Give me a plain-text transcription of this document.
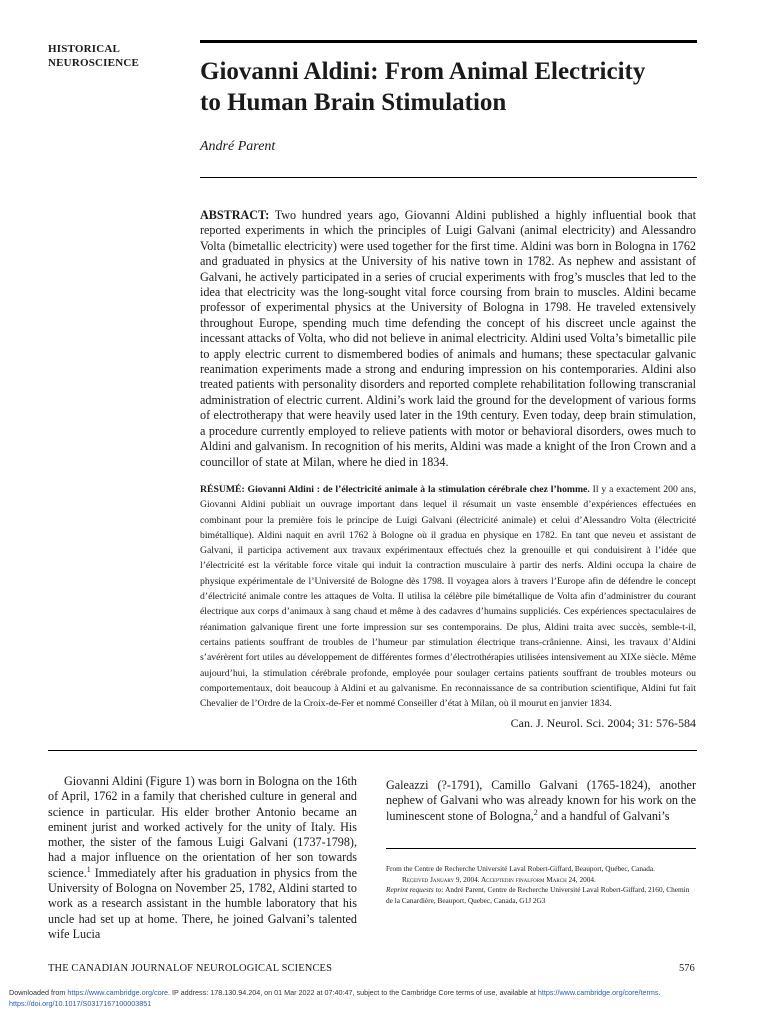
HISTORICAL
NEUROSCIENCE	Giovanni Aldini: From Animal Electricity
to Human Brain Stimulation
André Parent

ABSTRACT: Two hundred years ago, Giovanni Aldini published a highly influential book that reported experiments in which the principles of Luigi Galvani (animal electricity) and Alessandro Volta (bimetallic electricity) were used together for the first time. Aldini was born in Bologna in 1762 and graduated in physics at the University of his native town in 1782. As nephew and assistant of Galvani, he actively participated in a series of crucial experiments with frog’s muscles that led to the idea that electricity was the long-sought vital force coursing from brain to muscles. Aldini became professor of experimental physics at the University of Bologna in 1798. He traveled extensively throughout Europe, spending much time defending the concept of his discreet uncle against the incessant attacks of Volta, who did not believe in animal electricity. Aldini used Volta’s bimetallic pile to apply electric current to dismembered bodies of animals and humans; these spectacular galvanic reanimation experiments made a strong and enduring impression on his contemporaries. Aldini also treated patients with personality disorders and reported complete rehabilitation following transcranial administration of electric current. Aldini’s work laid the ground for the development of various forms of electrotherapy that were heavily used later in the 19th century. Even today, deep brain stimulation, a procedure currently employed to relieve patients with motor or behavioral disorders, owes much to Aldini and galvanism. In recognition of his merits, Aldini was made a knight of the Iron Crown and a councillor of state at Milan, where he died in 1834.

RÉSUMÉ: Giovanni Aldini : de l’électricité animale à la stimulation cérébrale chez l’homme. Il y a exactement 200 ans, Giovanni Aldini publiait un ouvrage important dans lequel il résumait un vaste ensemble d’expériences effectuées en combinant pour la première fois le principe de Luigi Galvani (électricité animale) et celui d’Alessandro Volta (électricité bimétallique). Aldini naquit en avril 1762 à Bologne où il gradua en physique en 1782. En tant que neveu et assistant de Galvani, il participa activement aux travaux expérimentaux effectués chez la grenouille et qui conduisirent à l’idée que l’électricité est la véritable force vitale qui induit la contraction musculaire à partir des nerfs. Aldini occupa la chaire de physique expérimentale de l’Université de Bologne dès 1798. Il voyagea alors à travers l’Europe afin de défendre le concept d’électricité animale contre les attaques de Volta. Il utilisa la célèbre pile bimétallique de Volta afin d’administrer du courant électrique aux corps d’animaux à sang chaud et même à des cadavres d’humains suppliciés. Ces expériences spectaculaires de réanimation galvanique firent une forte impression sur ses contemporains. De plus, Aldini traita avec succès, semble-t-il, certains patients souffrant de troubles de l’humeur par stimulation électrique trans-crânienne. Ainsi, les travaux d’Aldini s’avérèrent fort utiles au développement de différentes formes d’électrothérapies utilisées intensivement au XIXe siècle. Même aujourd’hui, la stimulation cérébrale profonde, employée pour soulager certains patients souffrant de troubles moteurs ou comportementaux, doit beaucoup à Aldini et au galvanisme. En reconnaissance de sa contribution scientifique, Aldini fut fait Chevalier de l’Ordre de la Croix-de-Fer et nommé Conseiller d’état à Milan, où il mourut en janvier 1834.

Can. J. Neurol. Sci. 2004; 31: 576-584

Giovanni Aldini (Figure 1) was born in Bologna on the 16th of April, 1762 in a family that cherished culture in general and science in particular. His elder brother Antonio became an eminent jurist and worked actively for the unity of Italy. His mother, the sister of the famous Luigi Galvani (1737-1798), had a major influence on the orientation of her son towards science.$^1$ Immediately after his graduation in physics from the University of Bologna on November 25, 1782, Aldini started to work as a research assistant in the humble laboratory that his uncle had set up at home. There, he joined Galvani’s talented wife Lucia

Galeazzi (?-1791), Camillo Galvani (1765-1824), another nephew of Galvani who was already known for his work on the luminescent stone of Bologna,$^2$ and a handful of Galvani’s

From the Centre de Recherche Université Laval Robert-Giffard, Beauport, Québec, Canada.

Received January 9, 2004. Acceptedin finalform March 24, 2004.

Reprint requests to: André Parent, Centre de Recherche Université Laval Robert-Giffard, 2160, Chemin de la Canardière, Beauport, Quebec, Canada, G1J 2G3

THE CANADIAN JOURNALOF NEUROLOGICAL SCIENCES	576
Downloaded from https://www.cambridge.org/core. IP address: 178.130.94.204, on 01 Mar 2022 at 07:40:47, subject to the Cambridge Core terms of use, available at https://www.cambridge.org/core/terms.
https://doi.org/10.1017/S0317167100003851
